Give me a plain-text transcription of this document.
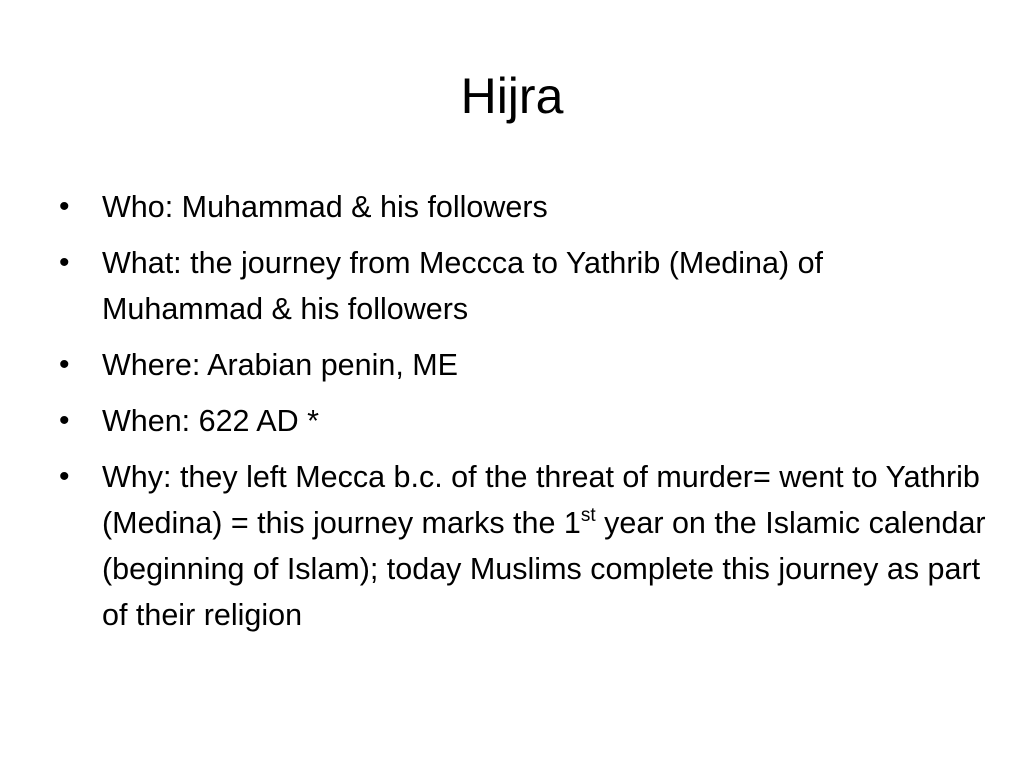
Hijra
•	Who: Muhammad & his followers
•	What: the journey from Meccca to Yathrib (Medina) of Muhammad & his followers
•	Where: Arabian penin, ME
•	When: 622 AD *
•	Why: they left Mecca b.c. of the threat of murder= went to Yathrib (Medina) = this journey marks the 1st year on the Islamic calendar (beginning of Islam); today Muslims complete this journey as part of their religion
